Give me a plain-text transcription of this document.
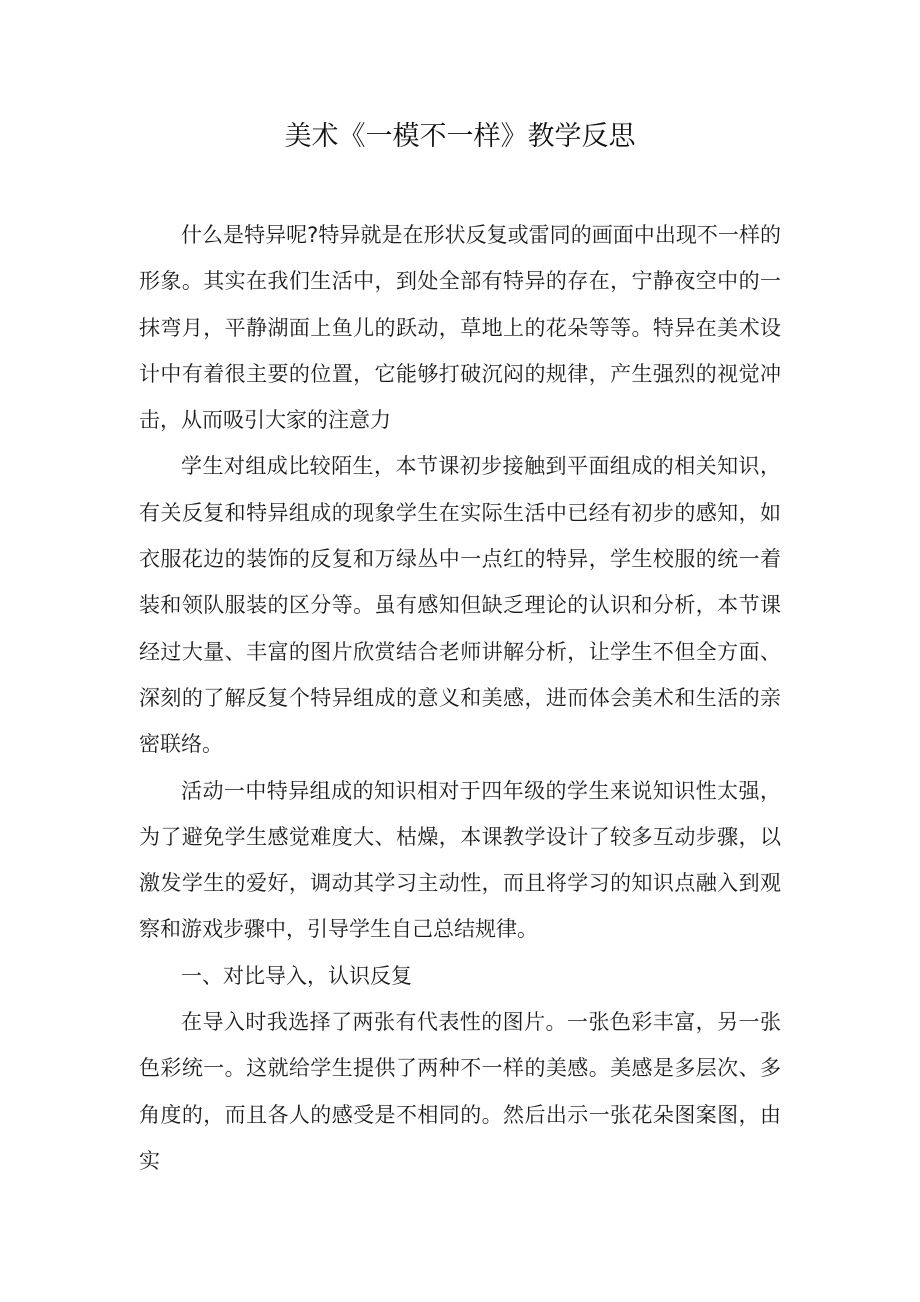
美术《一模不一样》教学反思

什么是特异呢?特异就是在形状反复或雷同的画面中出现不一样的形象。其实在我们生活中，到处全部有特异的存在，宁静夜空中的一抹弯月，平静湖面上鱼儿的跃动，草地上的花朵等等。特异在美术设计中有着很主要的位置，它能够打破沉闷的规律，产生强烈的视觉冲击，从而吸引大家的注意力

学生对组成比较陌生，本节课初步接触到平面组成的相关知识，有关反复和特异组成的现象学生在实际生活中已经有初步的感知，如衣服花边的装饰的反复和万绿丛中一点红的特异，学生校服的统一着装和领队服装的区分等。虽有感知但缺乏理论的认识和分析，本节课经过大量、丰富的图片欣赏结合老师讲解分析，让学生不但全方面、深刻的了解反复个特异组成的意义和美感，进而体会美术和生活的亲密联络。

活动一中特异组成的知识相对于四年级的学生来说知识性太强，为了避免学生感觉难度大、枯燥，本课教学设计了较多互动步骤，以激发学生的爱好，调动其学习主动性，而且将学习的知识点融入到观察和游戏步骤中，引导学生自己总结规律。

一、对比导入，认识反复

在导入时我选择了两张有代表性的图片。一张色彩丰富，另一张色彩统一。这就给学生提供了两种不一样的美感。美感是多层次、多角度的，而且各人的感受是不相同的。然后出示一张花朵图案图，由实
